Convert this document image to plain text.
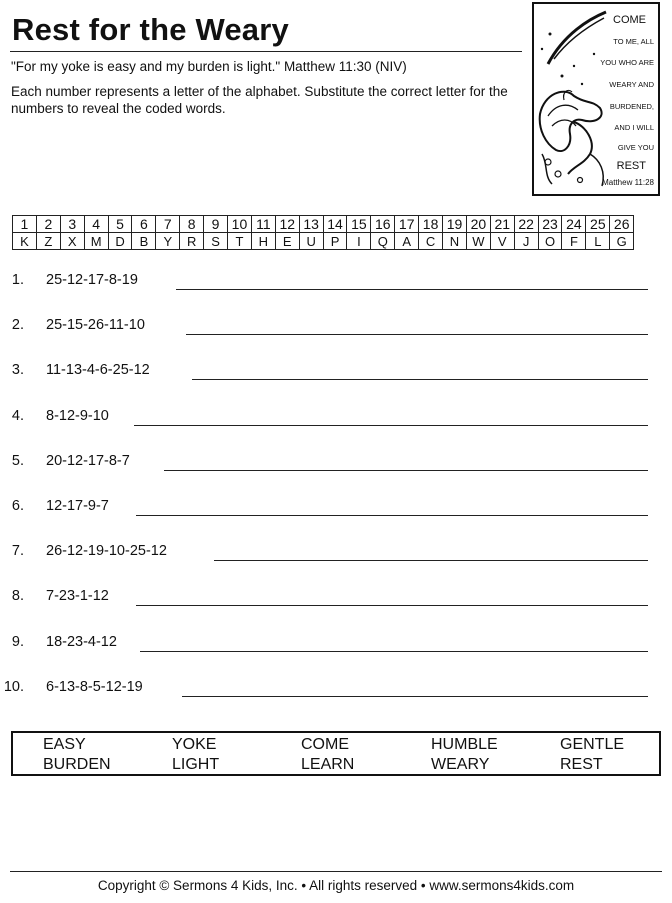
Rest for the Weary
"For my yoke is easy and my burden is light." Matthew 11:30 (NIV)
Each number represents a letter of the alphabet. Substitute the correct letter for the numbers to reveal the coded words.
COME
TO ME, ALL
YOU WHO ARE
WEARY AND
BURDENED,
AND I WILL
GIVE YOU
REST
Matthew 11:28
1	2	3	4	5	6	7	8	9	10	11	12	13	14	15	16	17	18	19	20	21	22	23	24	25	26
K	Z	X	M	D	B	Y	R	S	T	H	E	U	P	I	Q	A	C	N	W	V	J	O	F	L	G
1. 25-12-17-8-19
2. 25-15-26-11-10
3. 11-13-4-6-25-12
4. 8-12-9-10
5. 20-12-17-8-7
6. 12-17-9-7
7. 26-12-19-10-25-12
8. 7-23-1-12
9. 18-23-4-12
10. 6-13-8-5-12-19
EASY	YOKE	COME	HUMBLE	GENTLE
BURDEN	LIGHT	LEARN	WEARY	REST
Copyright © Sermons 4 Kids, Inc. • All rights reserved • www.sermons4kids.com
